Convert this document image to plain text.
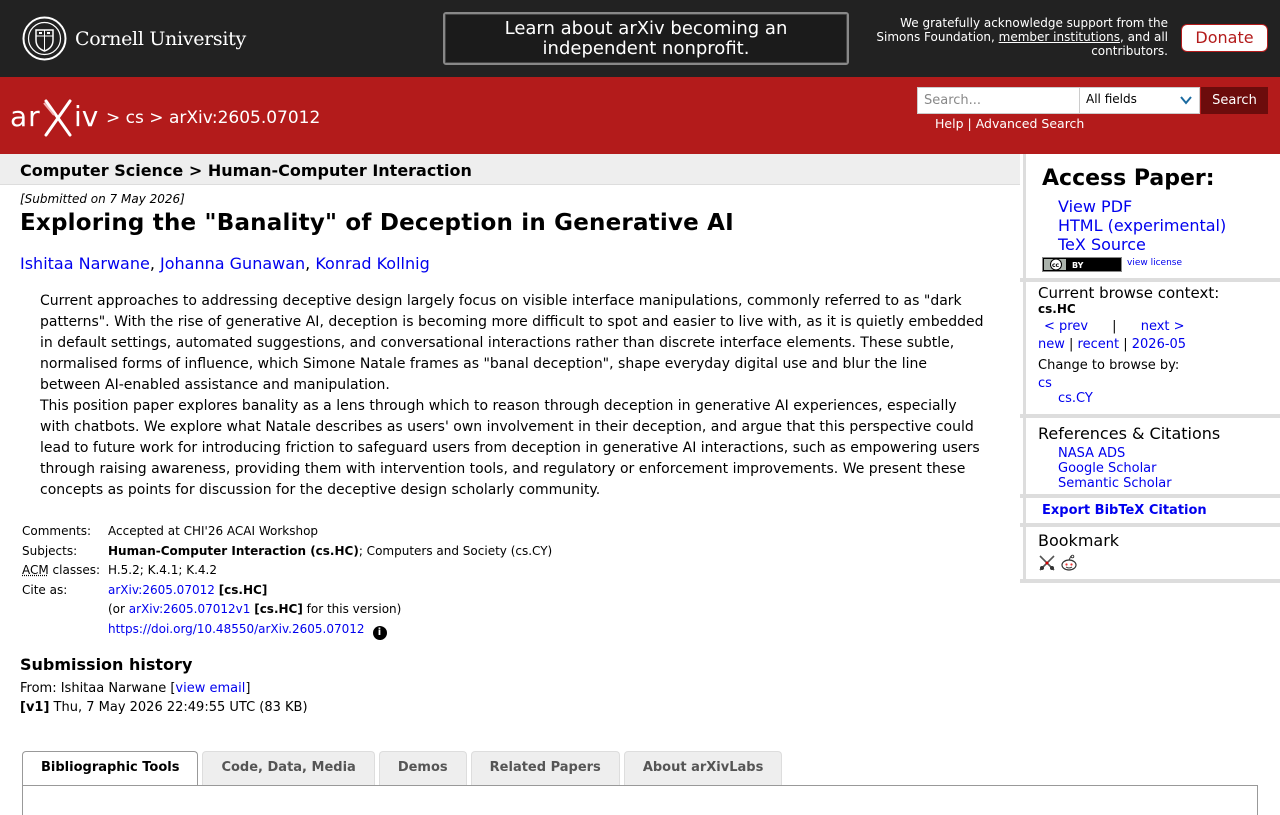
Cornell University	Learn about arXiv becoming an independent nonprofit.
We gratefully acknowledge support from the Simons Foundation, member institutions, and all contributors.
Donate
ar iv > cs > arXiv:2605.07012
Search...
All fields	Search
Help | Advanced Search
Computer Science > Human-Computer Interaction
[Submitted on 7 May 2026]
Exploring the "Banality" of Deception in Generative AI
Ishitaa Narwane, Johanna Gunawan, Konrad Kollnig

Current approaches to addressing deceptive design largely focus on visible interface manipulations, commonly referred to as "dark patterns". With the rise of generative AI, deception is becoming more difficult to spot and easier to live with, as it is quietly embedded in default settings, automated suggestions, and conversational interactions rather than discrete interface elements. These subtle, normalised forms of influence, which Simone Natale frames as "banal deception", shape everyday digital use and blur the line between AI-enabled assistance and manipulation.

This position paper explores banality as a lens through which to reason through deception in generative AI experiences, especially with chatbots. We explore what Natale describes as users' own involvement in their deception, and argue that this perspective could lead to future work for introducing friction to safeguard users from deception in generative AI interactions, such as empowering users through raising awareness, providing them with intervention tools, and regulatory or enforcement improvements. We present these concepts as points for discussion for the deceptive design scholarly community.

Comments:	Accepted at CHI'26 ACAI Workshop
Subjects:	Human-Computer Interaction (cs.HC); Computers and Society (cs.CY)
ACM classes:	H.5.2; K.4.1; K.4.2
Cite as:	arXiv:2605.07012 [cs.HC]
	(or arXiv:2605.07012v1 [cs.HC] for this version)
	https://doi.org/10.48550/arXiv.2605.07012 i
Submission history
From: Ishitaa Narwane [view email]
[v1] Thu, 7 May 2026 22:49:55 UTC (83 KB)
Bibliographic Tools	Code, Data, Media	Demos	Related Papers	About arXivLabs
Access Paper:
View PDF
HTML (experimental)
TeX Source
cc BY	view license
Current browse context:
cs.HC
< prev | next >
new | recent | 2026-05
Change to browse by:
cs
cs.CY
References & Citations
NASA ADS
Google Scholar
Semantic Scholar
Export BibTeX Citation
Bookmark
